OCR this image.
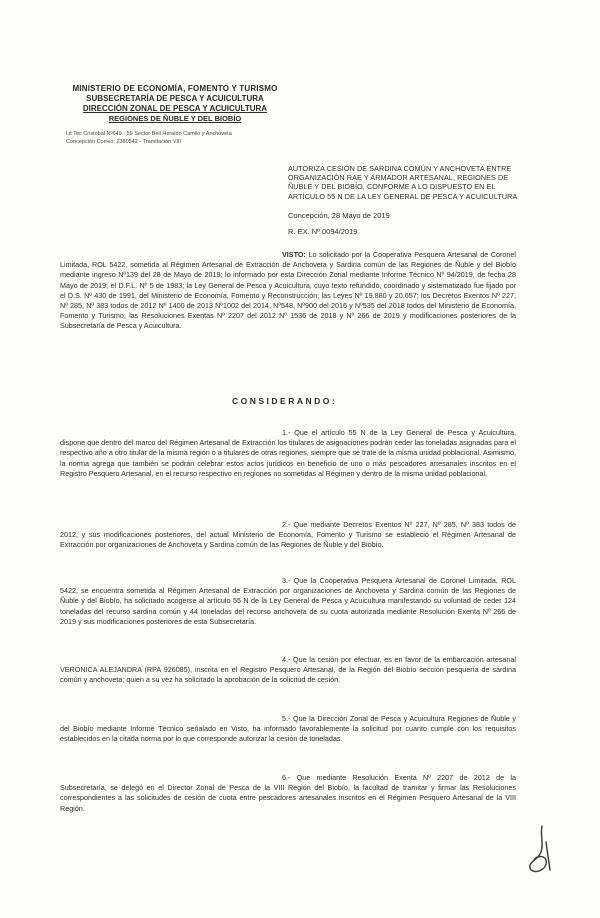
MINISTERIO DE ECONOMÍA, FOMENTO Y TURISMO
SUBSECRETARÍA DE PESCA Y ACUICULTURA
DIRECCIÓN ZONAL DE PESCA Y ACUICULTURA
REGIONES DE ÑUBLE Y DEL BIOBÍO
Lit Tec Cristobal Nº649 - 59 Sector Bell Heraldo Camilo y Anchoveta
Concepción Correo: 2380542 - Tramitación VIII
AUTORIZA CESIÓN DE SARDINA COMÚN Y ANCHOVETA ENTRE ORGANIZACIÓN RAE Y ARMADOR ARTESANAL, REGIONES DE ÑUBLE Y DEL BIOBÍO, CONFORME A LO DISPUESTO EN EL ARTÍCULO 55 N DE LA LEY GENERAL DE PESCA Y ACUICULTURA
Concepción, 28 Mayo de 2019
R. EX. Nº 0094/2019
VISTO: Lo solicitado por la Cooperativa Pesquera Artesanal de Coronel Limitada, ROL 5422, sometida al Régimen Artesanal de Extracción de Anchoveta y Sardina común de las Regiones de Ñuble y del Biobío mediante ingreso Nº139 del 28 de Mayo de 2019; lo informado por esta Dirección Zonal mediante Informe Técnico Nº 94/2019, de fecha 28 Mayo de 2019; el D.F.L. Nº 5 de 1983; la Ley General de Pesca y Acuicultura, cuyo texto refundido, coordinado y sistematizado fue fijado por el D.S. Nº 430 de 1991, del Ministerio de Economía, Fomento y Reconstrucción; las Leyes Nº 19.880 y 20.657; los Decretos Exentos Nº 227, Nº 285, Nº 383 todos de 2012 Nº 1400 de 2013 Nº1002 del 2014, Nº548, Nº900 del 2016 y Nº535 del 2018 todos del Ministerio de Economía, Fomento y Turismo; las Resoluciones Exentas Nº 2207 del 2012 Nº 1536 de 2018 y Nº 266 de 2019 y modificaciones posteriores de la Subsecretaría de Pesca y Acuicultura.
CONSIDERANDO:
1.- Que el artículo 55 N de la Ley General de Pesca y Acuicultura, dispone que dentro del marco del Régimen Artesanal de Extracción los titulares de asignaciones podrán ceder las toneladas asignadas para el respectivo año a otro titular de la misma región o a titulares de otras regiones, siempre que se trate de la misma unidad poblacional. Asimismo, la norma agrega que también se podrán celebrar estos actos jurídicos en beneficio de uno o más pescadores artesanales inscritos en el Registro Pesquero Artesanal, en el recurso respectivo en regiones no sometidas al Régimen y dentro de la misma unidad poblacional.
2.- Que mediante Decretos Exentos Nº 227, Nº 285, Nº 383 todos de 2012, y sus modificaciones posteriores, del actual Ministerio de Economía, Fomento y Turismo se estableció el Régimen Artesanal de Extracción por organizaciones de Anchoveta y Sardina común de las Regiones de Ñuble y del Biobío.
3.- Que la Cooperativa Pesquera Artesanal de Coronel Limitada, ROL 5422, se encuentra sometida al Régimen Artesanal de Extracción por organizaciones de Anchoveta y Sardina común de las Regiones de Ñuble y del Biobío, ha solicitado acogerse al artículo 55 N de la Ley General de Pesca y Acuicultura manifestando su voluntad de ceder 124 toneladas del recurso sardina común y 44 toneladas del recurso anchoveta de su cuota autorizada mediante Resolución Exenta Nº 266 de 2019 y sus modificaciones posteriores de esta Subsecretaría.
4.- Que la cesión por efectuar, es en favor de la embarcación artesanal VERONICA ALEJANDRA (RPA 926085), inscrita en el Registro Pesquero Artesanal, de la Región del Biobío sección pesquería de sardina común y anchoveta; quien a su vez ha solicitado la aprobación de la solicitud de cesión.
5.- Que la Dirección Zonal de Pesca y Acuicultura Regiones de Ñuble y del Biobío mediante Informe Técnico señalado en Visto, ha informado favorablemente la solicitud por cuanto cumple con los requisitos establecidos en la citada norma por lo que corresponde autorizar la cesión de toneladas.
6.- Que mediante Resolución Exenta Nº 2207 de 2012 de la Subsecretaría, se delegó en el Director Zonal de Pesca de la VIII Región del Biobío, la facultad de tramitar y firmar las Resoluciones correspondientes a las solicitudes de cesión de cuota entre pescadores artesanales inscritos en el Régimen Pesquero Artesanal de la VIII Región.
